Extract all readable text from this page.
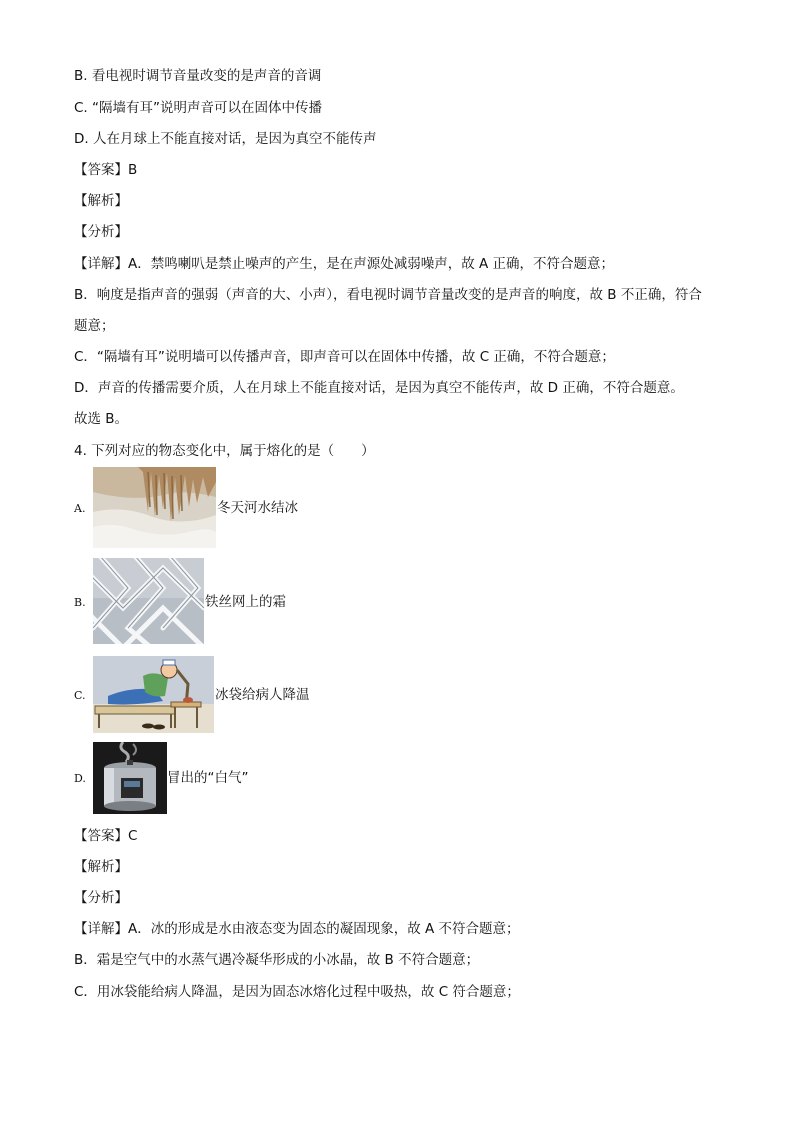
B. 看电视时调节音量改变的是声音的音调
C. “隔墙有耳”说明声音可以在固体中传播
D. 人在月球上不能直接对话，是因为真空不能传声
【答案】B
【解析】
【分析】
【详解】A．禁鸣喇叭是禁止噪声的产生，是在声源处减弱噪声，故 A 正确，不符合题意；
B．响度是指声音的强弱（声音的大、小声），看电视时调节音量改变的是声音的响度，故 B 不正确，符合
题意；
C．“隔墙有耳”说明墙可以传播声音，即声音可以在固体中传播，故 C 正确，不符合题意；
D．声音的传播需要介质，人在月球上不能直接对话，是因为真空不能传声，故 D 正确，不符合题意。
故选 B。
4. 下列对应的物态变化中，属于熔化的是（　　）
A.	冬天河水结冰
B.	铁丝网上的霜
C.	冰袋给病人降温
D.	冒出的“白气”
【答案】C
【解析】
【分析】
【详解】A．冰的形成是水由液态变为固态的凝固现象，故 A 不符合题意；
B．霜是空气中的水蒸气遇冷凝华形成的小冰晶，故 B 不符合题意；
C．用冰袋能给病人降温，是因为固态冰熔化过程中吸热，故 C 符合题意；
